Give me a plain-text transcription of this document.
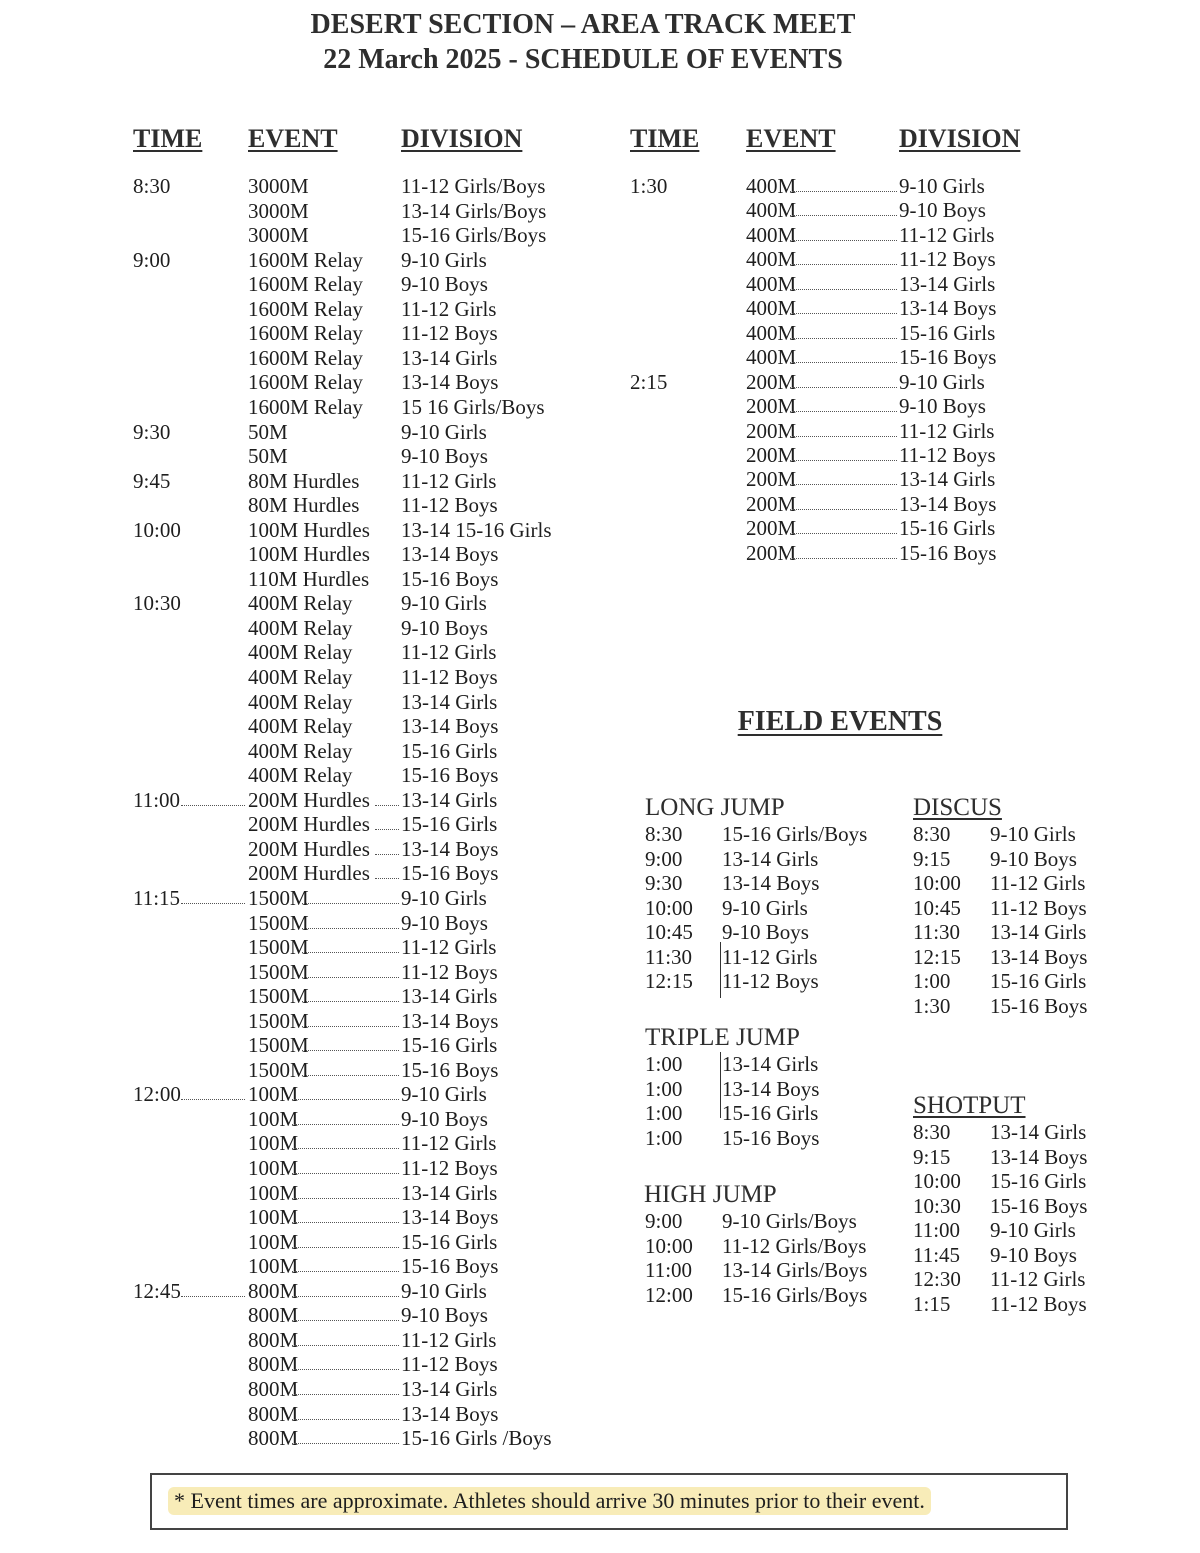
DESERT SECTION – AREA TRACK MEET
22 March 2025 - SCHEDULE OF EVENTS
TIME EVENT DIVISION	TIME EVENT DIVISION
8:30	3000M	11-12 Girls/Boys
3000M	13-14 Girls/Boys
3000M	15-16 Girls/Boys
9:00	1600M Relay 9-10 Girls
1600M Relay 9-10 Boys
1600M Relay 11-12 Girls
1600M Relay 11-12 Boys
1600M Relay 13-14 Girls
1600M Relay 13-14 Boys
1600M Relay 15 16 Girls/Boys
9:30	50M	9-10 Girls
50M	9-10 Boys
9:45	80M Hurdles 11-12 Girls
80M Hurdles 11-12 Boys
10:00	100M Hurdles 13-14 15-16 Girls
100M Hurdles 13-14 Boys
110M Hurdles 15-16 Boys
10:30	400M Relay 9-10 Girls
400M Relay 9-10 Boys
400M Relay 11-12 Girls
400M Relay 11-12 Boys
400M Relay 13-14 Girls
400M Relay 13-14 Boys
400M Relay 15-16 Girls
400M Relay 15-16 Boys
11:00	200M Hurdles 13-14 Girls
200M Hurdles 15-16 Girls
200M Hurdles 13-14 Boys
200M Hurdles 15-16 Boys
11:15	1500M	9-10 Girls
1500M	9-10 Boys
1500M	11-12 Girls
1500M	11-12 Boys
1500M	13-14 Girls
1500M	13-14 Boys
1500M	15-16 Girls
1500M	15-16 Boys
12:00	100M	9-10 Girls
100M	9-10 Boys
100M	11-12 Girls
100M	11-12 Boys
100M	13-14 Girls
100M	13-14 Boys
100M	15-16 Girls
100M	15-16 Boys
12:45	800M	9-10 Girls
800M	9-10 Boys
800M	11-12 Girls
800M	11-12 Boys
800M	13-14 Girls
800M	13-14 Boys
800M	15-16 Girls /Boys
1:30	400M	9-10 Girls
400M	9-10 Boys
400M	11-12 Girls
400M	11-12 Boys
400M	13-14 Girls
400M	13-14 Boys
400M	15-16 Girls
400M	15-16 Boys
2:15	200M	9-10 Girls
200M	9-10 Boys
200M	11-12 Girls
200M	11-12 Boys
200M	13-14 Girls
200M	13-14 Boys
200M	15-16 Girls
200M	15-16 Boys
FIELD EVENTS
LONG JUMP
8:30 15-16 Girls/Boys
9:00 13-14 Girls
9:30 13-14 Boys
10:00 9-10 Girls
10:45 9-10 Boys
11:30 11-12 Girls
12:15 11-12 Boys
TRIPLE JUMP
1:00 13-14 Girls
1:00 13-14 Boys
1:00 15-16 Girls
1:00 15-16 Boys
HIGH JUMP
9:00 9-10 Girls/Boys
10:00 11-12 Girls/Boys
11:00 13-14 Girls/Boys
12:00 15-16 Girls/Boys
DISCUS
8:30 9-10 Girls
9:15 9-10 Boys
10:00 11-12 Girls
10:45 11-12 Boys
11:30 13-14 Girls
12:15 13-14 Boys
1:00 15-16 Girls
1:30 15-16 Boys
SHOTPUT
8:30 13-14 Girls
9:15 13-14 Boys
10:00 15-16 Girls
10:30 15-16 Boys
11:00 9-10 Girls
11:45 9-10 Boys
12:30 11-12 Girls
1:15 11-12 Boys
* Event times are approximate. Athletes should arrive 30 minutes prior to their event.
